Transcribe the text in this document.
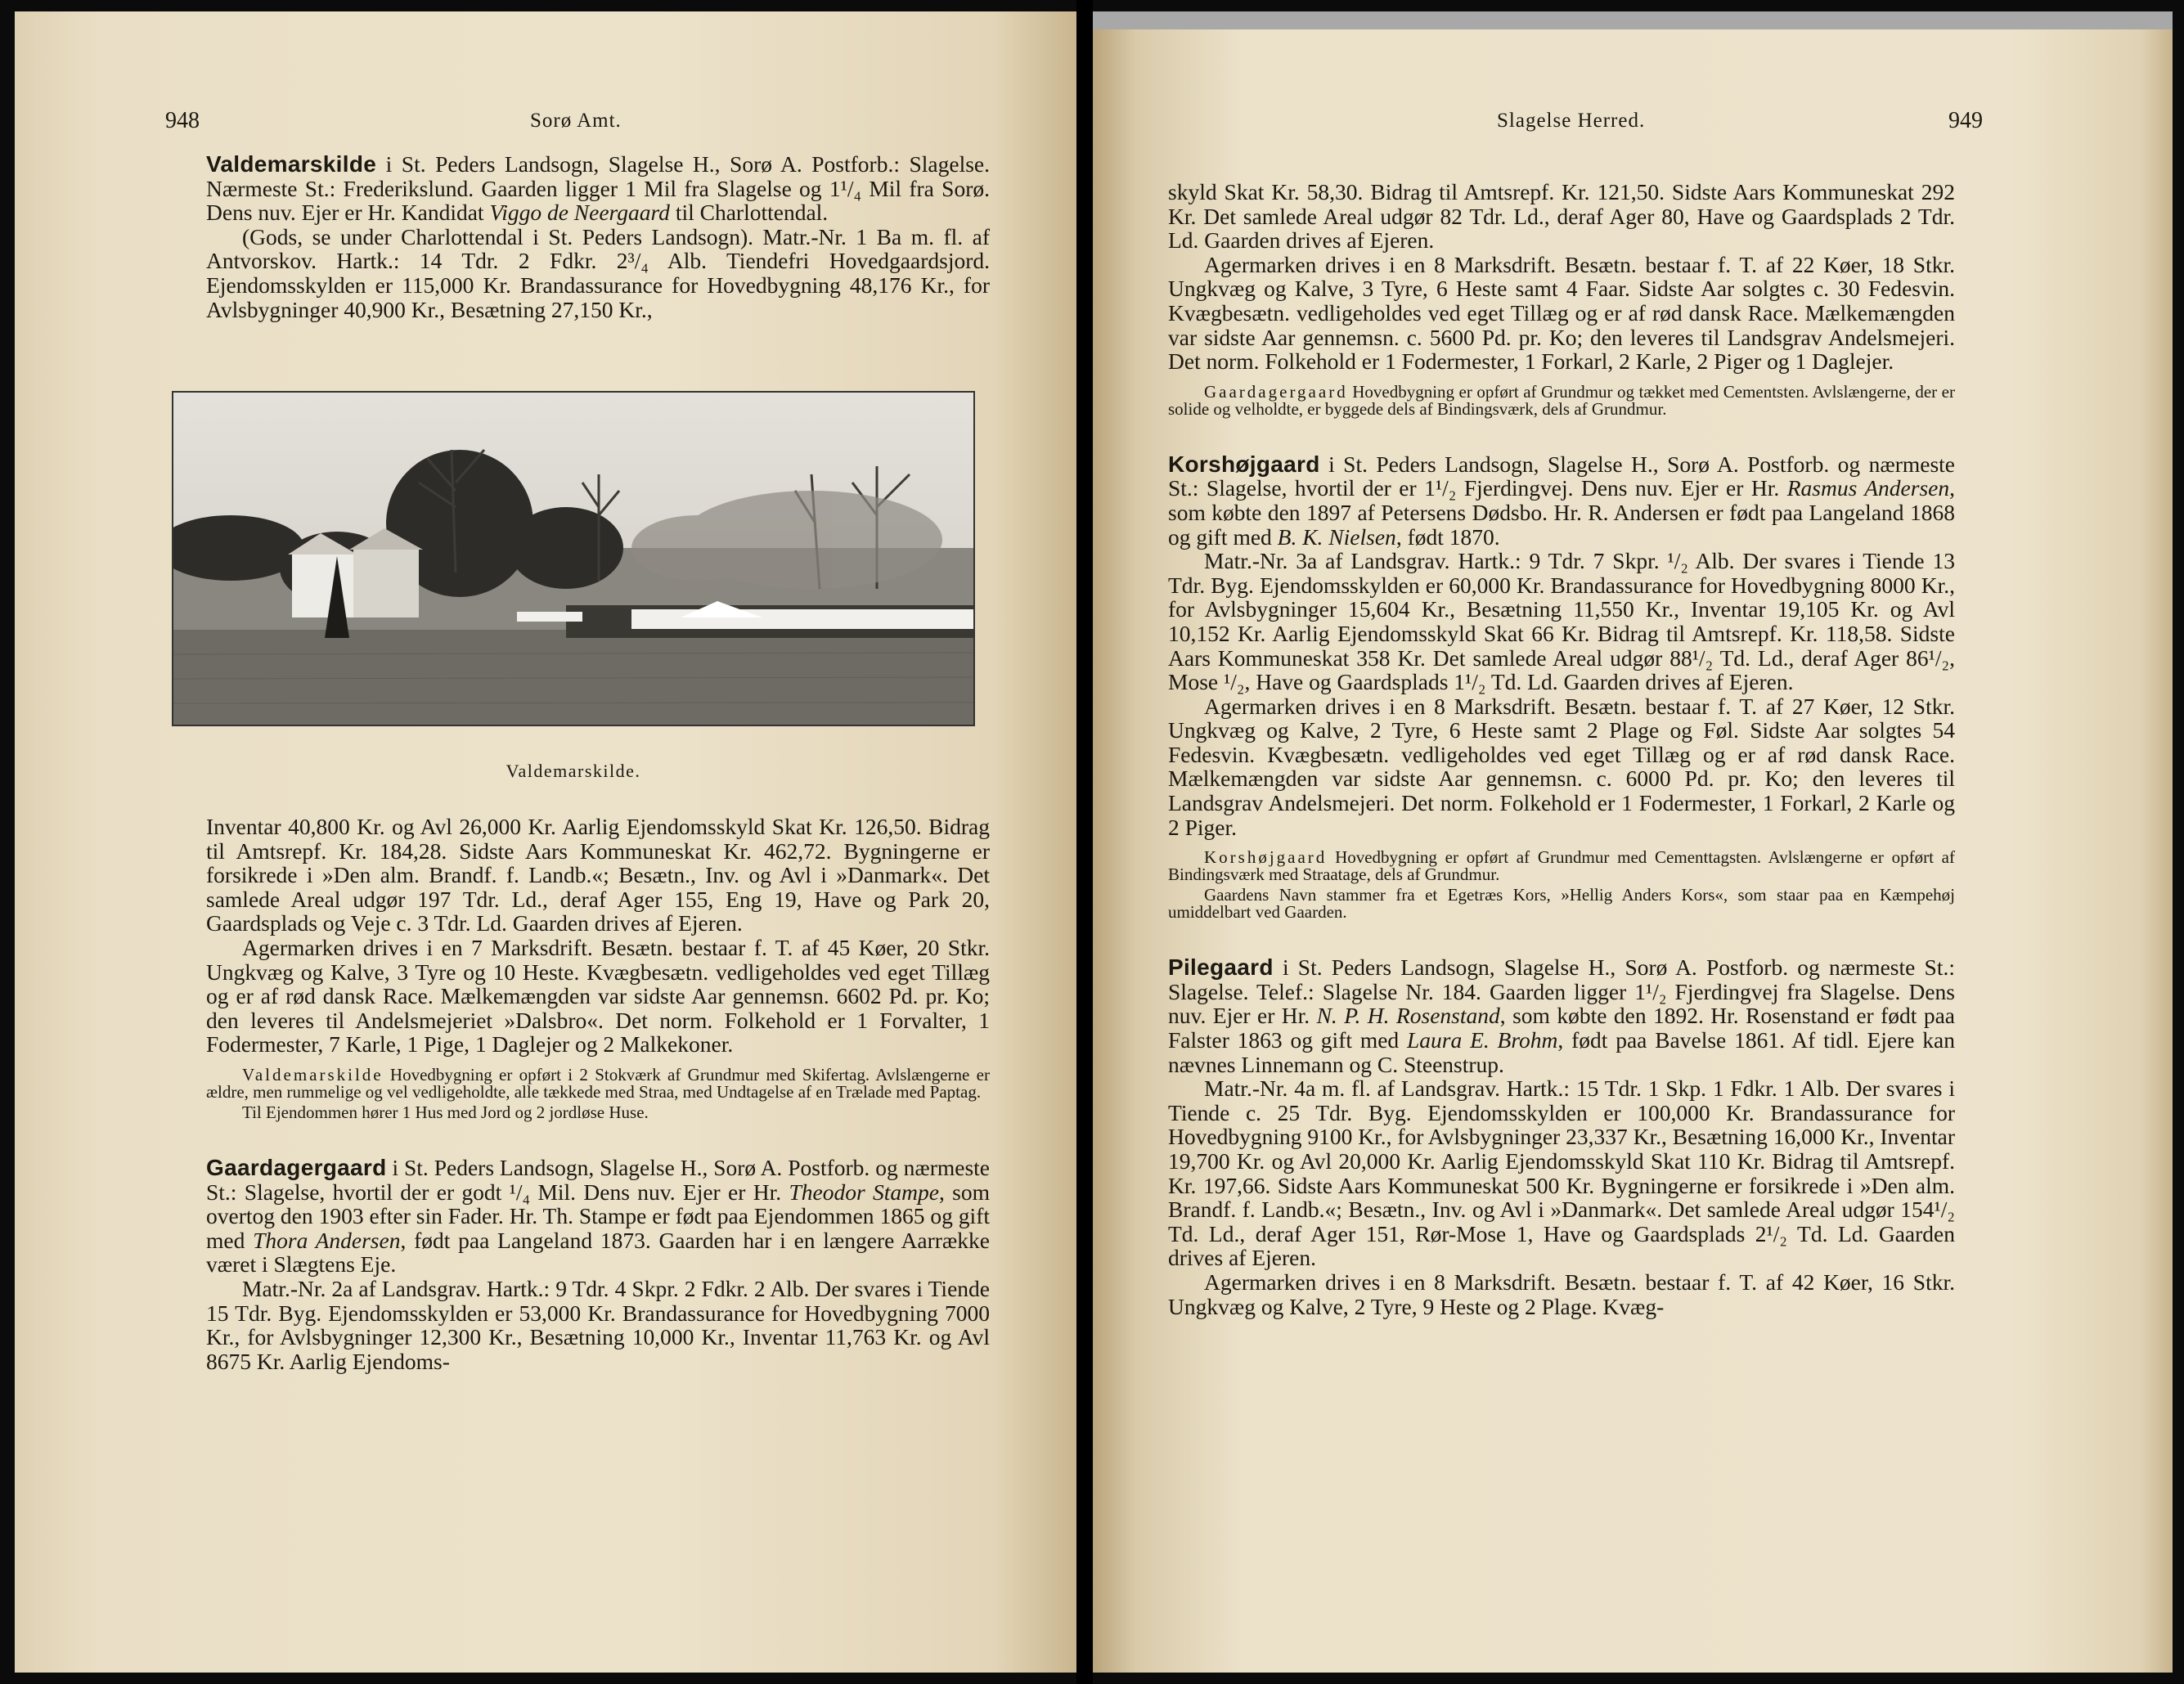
948	Sorø Amt.

Valdemarskilde i St. Peders Landsogn, Slagelse H., Sorø A. Postforb.: Slagelse. Nærmeste St.: Frederikslund. Gaarden ligger 1 Mil fra Slagelse og 1¹/₄ Mil fra Sorø. Dens nuv. Ejer er Hr. Kandidat Viggo de Neergaard til Charlottendal.

(Gods, se under Charlottendal i St. Peders Landsogn). Matr.-Nr. 1 Ba m. fl. af Antvorskov. Hartk.: 14 Tdr. 2 Fdkr. 2³/₄ Alb. Tiendefri Hovedgaardsjord. Ejendomsskylden er 115,000 Kr. Brandassurance for Hovedbygning 48,176 Kr., for Avlsbygninger 40,900 Kr., Besætning 27,150 Kr.,

Valdemarskilde.

Inventar 40,800 Kr. og Avl 26,000 Kr. Aarlig Ejendomsskyld Skat Kr. 126,50. Bidrag til Amtsrepf. Kr. 184,28. Sidste Aars Kommuneskat Kr. 462,72. Bygningerne er forsikrede i »Den alm. Brandf. f. Landb.«; Besætn., Inv. og Avl i »Danmark«. Det samlede Areal udgør 197 Tdr. Ld., deraf Ager 155, Eng 19, Have og Park 20, Gaardsplads og Veje c. 3 Tdr. Ld. Gaarden drives af Ejeren.

Agermarken drives i en 7 Marksdrift. Besætn. bestaar f. T. af 45 Køer, 20 Stkr. Ungkvæg og Kalve, 3 Tyre og 10 Heste. Kvægbesætn. vedligeholdes ved eget Tillæg og er af rød dansk Race. Mælkemængden var sidste Aar gennemsn. 6602 Pd. pr. Ko; den leveres til Andelsmejeriet »Dalsbro«. Det norm. Folkehold er 1 Forvalter, 1 Fodermester, 7 Karle, 1 Pige, 1 Daglejer og 2 Malkekoner.

Valdemarskilde Hovedbygning er opført i 2 Stokværk af Grundmur med Skifertag. Avlslængerne er ældre, men rummelige og vel vedligeholdte, alle tækkede med Straa, med Undtagelse af en Trælade med Paptag.

Til Ejendommen hører 1 Hus med Jord og 2 jordløse Huse.

Gaardagergaard i St. Peders Landsogn, Slagelse H., Sorø A. Postforb. og nærmeste St.: Slagelse, hvortil der er godt ¹/₄ Mil. Dens nuv. Ejer er Hr. Theodor Stampe, som overtog den 1903 efter sin Fader. Hr. Th. Stampe er født paa Ejendommen 1865 og gift med Thora Andersen, født paa Langeland 1873. Gaarden har i en længere Aarrække været i Slægtens Eje.

Matr.-Nr. 2a af Landsgrav. Hartk.: 9 Tdr. 4 Skpr. 2 Fdkr. 2 Alb. Der svares i Tiende 15 Tdr. Byg. Ejendomsskylden er 53,000 Kr. Brandassurance for Hovedbygning 7000 Kr., for Avlsbygninger 12,300 Kr., Besætning 10,000 Kr., Inventar 11,763 Kr. og Avl 8675 Kr. Aarlig Ejendoms-

Slagelse Herred.	949

skyld Skat Kr. 58,30. Bidrag til Amtsrepf. Kr. 121,50. Sidste Aars Kommuneskat 292 Kr. Det samlede Areal udgør 82 Tdr. Ld., deraf Ager 80, Have og Gaardsplads 2 Tdr. Ld. Gaarden drives af Ejeren.

Agermarken drives i en 8 Marksdrift. Besætn. bestaar f. T. af 22 Køer, 18 Stkr. Ungkvæg og Kalve, 3 Tyre, 6 Heste samt 4 Faar. Sidste Aar solgtes c. 30 Fedesvin. Kvægbesætn. vedligeholdes ved eget Tillæg og er af rød dansk Race. Mælkemængden var sidste Aar gennemsn. c. 5600 Pd. pr. Ko; den leveres til Landsgrav Andelsmejeri. Det norm. Folkehold er 1 Fodermester, 1 Forkarl, 2 Karle, 2 Piger og 1 Daglejer.

Gaardagergaard Hovedbygning er opført af Grundmur og tækket med Cementsten. Avlslængerne, der er solide og velholdte, er byggede dels af Bindingsværk, dels af Grundmur.

Korshøjgaard i St. Peders Landsogn, Slagelse H., Sorø A. Postforb. og nærmeste St.: Slagelse, hvortil der er 1¹/₂ Fjerdingvej. Dens nuv. Ejer er Hr. Rasmus Andersen, som købte den 1897 af Petersens Dødsbo. Hr. R. Andersen er født paa Langeland 1868 og gift med B. K. Nielsen, født 1870.

Matr.-Nr. 3a af Landsgrav. Hartk.: 9 Tdr. 7 Skpr. ¹/₂ Alb. Der svares i Tiende 13 Tdr. Byg. Ejendomsskylden er 60,000 Kr. Brandassurance for Hovedbygning 8000 Kr., for Avlsbygninger 15,604 Kr., Besætning 11,550 Kr., Inventar 19,105 Kr. og Avl 10,152 Kr. Aarlig Ejendomsskyld Skat 66 Kr. Bidrag til Amtsrepf. Kr. 118,58. Sidste Aars Kommuneskat 358 Kr. Det samlede Areal udgør 88¹/₂ Td. Ld., deraf Ager 86¹/₂, Mose ¹/₂, Have og Gaardsplads 1¹/₂ Td. Ld. Gaarden drives af Ejeren.

Agermarken drives i en 8 Marksdrift. Besætn. bestaar f. T. af 27 Køer, 12 Stkr. Ungkvæg og Kalve, 2 Tyre, 6 Heste samt 2 Plage og Føl. Sidste Aar solgtes 54 Fedesvin. Kvægbesætn. vedligeholdes ved eget Tillæg og er af rød dansk Race. Mælkemængden var sidste Aar gennemsn. c. 6000 Pd. pr. Ko; den leveres til Landsgrav Andelsmejeri. Det norm. Folkehold er 1 Fodermester, 1 Forkarl, 2 Karle og 2 Piger.

Korshøjgaard Hovedbygning er opført af Grundmur med Cementtagsten. Avlslængerne er opført af Bindingsværk med Straatage, dels af Grundmur.

Gaardens Navn stammer fra et Egetræs Kors, »Hellig Anders Kors«, som staar paa en Kæmpehøj umiddelbart ved Gaarden.

Pilegaard i St. Peders Landsogn, Slagelse H., Sorø A. Postforb. og nærmeste St.: Slagelse. Telef.: Slagelse Nr. 184. Gaarden ligger 1¹/₂ Fjerdingvej fra Slagelse. Dens nuv. Ejer er Hr. N. P. H. Rosenstand, som købte den 1892. Hr. Rosenstand er født paa Falster 1863 og gift med Laura E. Brohm, født paa Bavelse 1861. Af tidl. Ejere kan nævnes Linnemann og C. Steenstrup.

Matr.-Nr. 4a m. fl. af Landsgrav. Hartk.: 15 Tdr. 1 Skp. 1 Fdkr. 1 Alb. Der svares i Tiende c. 25 Tdr. Byg. Ejendomsskylden er 100,000 Kr. Brandassurance for Hovedbygning 9100 Kr., for Avlsbygninger 23,337 Kr., Besætning 16,000 Kr., Inventar 19,700 Kr. og Avl 20,000 Kr. Aarlig Ejendomsskyld Skat 110 Kr. Bidrag til Amtsrepf. Kr. 197,66. Sidste Aars Kommuneskat 500 Kr. Bygningerne er forsikrede i »Den alm. Brandf. f. Landb.«; Besætn., Inv. og Avl i »Danmark«. Det samlede Areal udgør 154¹/₂ Td. Ld., deraf Ager 151, Rør-Mose 1, Have og Gaardsplads 2¹/₂ Td. Ld. Gaarden drives af Ejeren.

Agermarken drives i en 8 Marksdrift. Besætn. bestaar f. T. af 42 Køer, 16 Stkr. Ungkvæg og Kalve, 2 Tyre, 9 Heste og 2 Plage. Kvæg-
